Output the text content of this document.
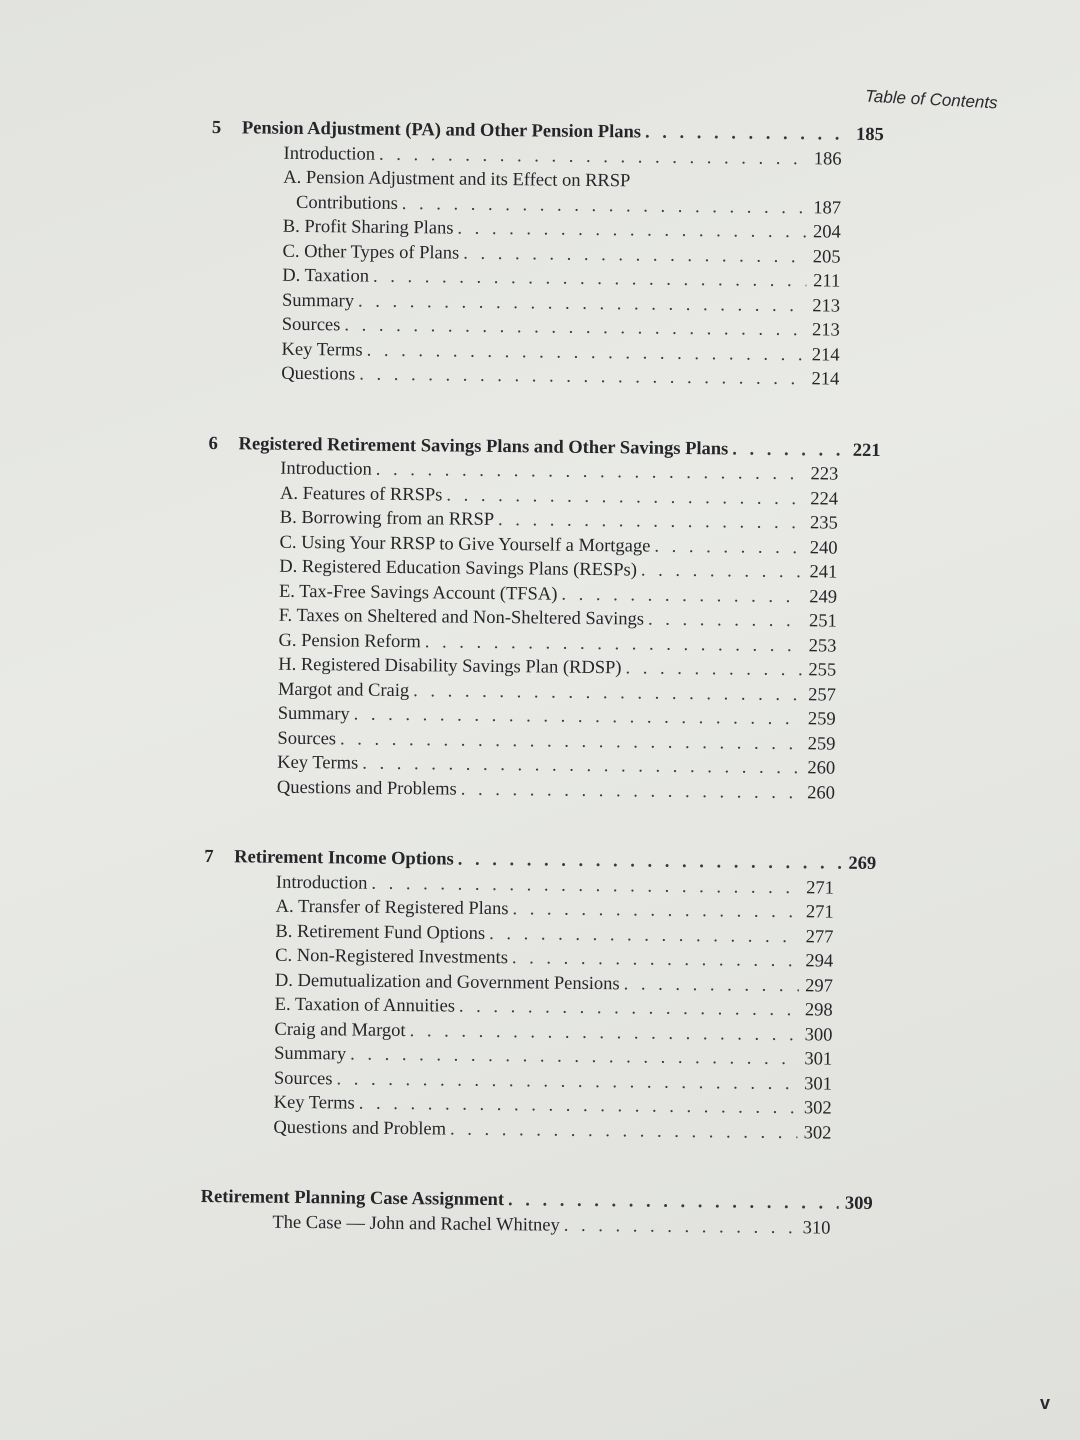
Table of Contents
5	Pension Adjustment (PA) and Other Pension Plans . . .	185
Introduction . . .	186
A. Pension Adjustment and its Effect on RRSP
Contributions . . .	187
B. Profit Sharing Plans . . .	204
C. Other Types of Plans . . .	205
D. Taxation . . .	211
Summary . . .	213
Sources . . .	213
Key Terms . . .	214
Questions . . .	214
6	Registered Retirement Savings Plans and Other Savings Plans . . .	221
Introduction . . .	223
A. Features of RRSPs . . .	224
B. Borrowing from an RRSP . . .	235
C. Using Your RRSP to Give Yourself a Mortgage . . .	240
D. Registered Education Savings Plans (RESPs) . . .	241
E. Tax-Free Savings Account (TFSA) . . .	249
F. Taxes on Sheltered and Non-Sheltered Savings . . .	251
G. Pension Reform . . .	253
H. Registered Disability Savings Plan (RDSP) . . .	255
Margot and Craig . . .	257
Summary . . .	259
Sources . . .	259
Key Terms . . .	260
Questions and Problems . . .	260
7	Retirement Income Options . . .	269
Introduction . . .	271
A. Transfer of Registered Plans . . .	271
B. Retirement Fund Options . . .	277
C. Non-Registered Investments . . .	294
D. Demutualization and Government Pensions . . .	297
E. Taxation of Annuities . . .	298
Craig and Margot . . .	300
Summary . . .	301
Sources . . .	301
Key Terms . . .	302
Questions and Problem . . .	302
Retirement Planning Case Assignment . . .	309
The Case — John and Rachel Whitney . . .	310
v
